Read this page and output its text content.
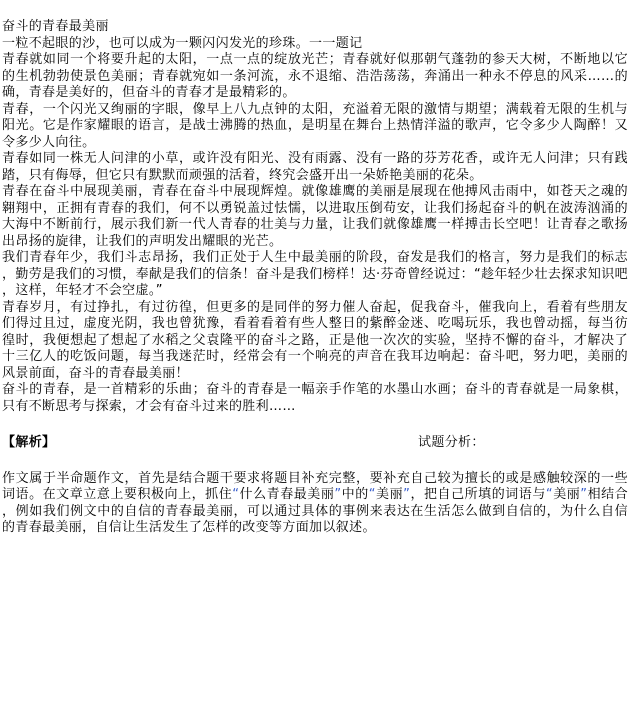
奋斗的青春最美丽

一粒不起眼的沙，也可以成为一颗闪闪发光的珍珠。一一题记

青春就如同一个将要升起的太阳，一点一点的绽放光芒；青春就好似那朝气蓬勃的参天大树，不断地以它的生机勃勃使景色美丽；青春就宛如一条河流，永不退缩、浩浩荡荡，奔涌出一种永不停息的风采……的确，青春是美好的，但奋斗的青春才是最精彩的。

青春，一个闪光又绚丽的字眼，像早上八九点钟的太阳，充溢着无限的激情与期望；满载着无限的生机与阳光。它是作家耀眼的语言，是战士沸腾的热血，是明星在舞台上热情洋溢的歌声，它令多少人陶醉！又令多少人向往。

青春如同一株无人问津的小草，或许没有阳光、没有雨露、没有一路的芬芳花香，或许无人问津；只有践踏，只有侮辱，但它只有默默而顽强的活着，终究会盛开出一朵娇艳美丽的花朵。

青春在奋斗中展现美丽，青春在奋斗中展现辉煌。就像雄鹰的美丽是展现在他搏风击雨中，如苍天之魂的翱翔中，正拥有青春的我们，何不以勇锐盖过怯懦，以进取压倒苟安，让我们扬起奋斗的帆在波涛汹涌的大海中不断前行，展示我们新一代人青春的壮美与力量，让我们就像雄鹰一样搏击长空吧！让青春之歌扬出昂扬的旋律，让我们的声明发出耀眼的光芒。

我们青春年少，我们斗志昂扬，我们正处于人生中最美丽的阶段，奋发是我们的格言，努力是我们的标志，勤劳是我们的习惯，奉献是我们的信条！奋斗是我们榜样！达·芬奇曾经说过：“趁年轻少壮去探求知识吧，这样，年轻才不会空虚。”

青春岁月，有过挣扎，有过彷徨，但更多的是同伴的努力催人奋起，促我奋斗，催我向上，看着有些朋友们得过且过，虚度光阴，我也曾犹豫，看着看着有些人整日的紫醉金迷、吃喝玩乐，我也曾动摇，每当彷徨时，我便想起了想起了水稻之父袁隆平的奋斗之路，正是他一次次的实验，坚持不懈的奋斗，才解决了十三亿人的吃饭问题，每当我迷茫时，经常会有一个响亮的声音在我耳边响起：奋斗吧，努力吧，美丽的风景前面，奋斗的青春最美丽！

奋斗的青春，是一首精彩的乐曲；奋斗的青春是一幅亲手作笔的水墨山水画；奋斗的青春就是一局象棋，只有不断思考与探索，才会有奋斗过来的胜利……

【解析】	试题分析：

作文属于半命题作文，首先是结合题干要求将题目补充完整，要补充自己较为擅长的或是感触较深的一些词语。在文章立意上要积极向上，抓住“什么青春最美丽”中的“美丽”，把自己所填的词语与“美丽”相结合，例如我们例文中的自信的青春最美丽，可以通过具体的事例来表达在生活怎么做到自信的，为什么自信的青春最美丽，自信让生活发生了怎样的改变等方面加以叙述。
